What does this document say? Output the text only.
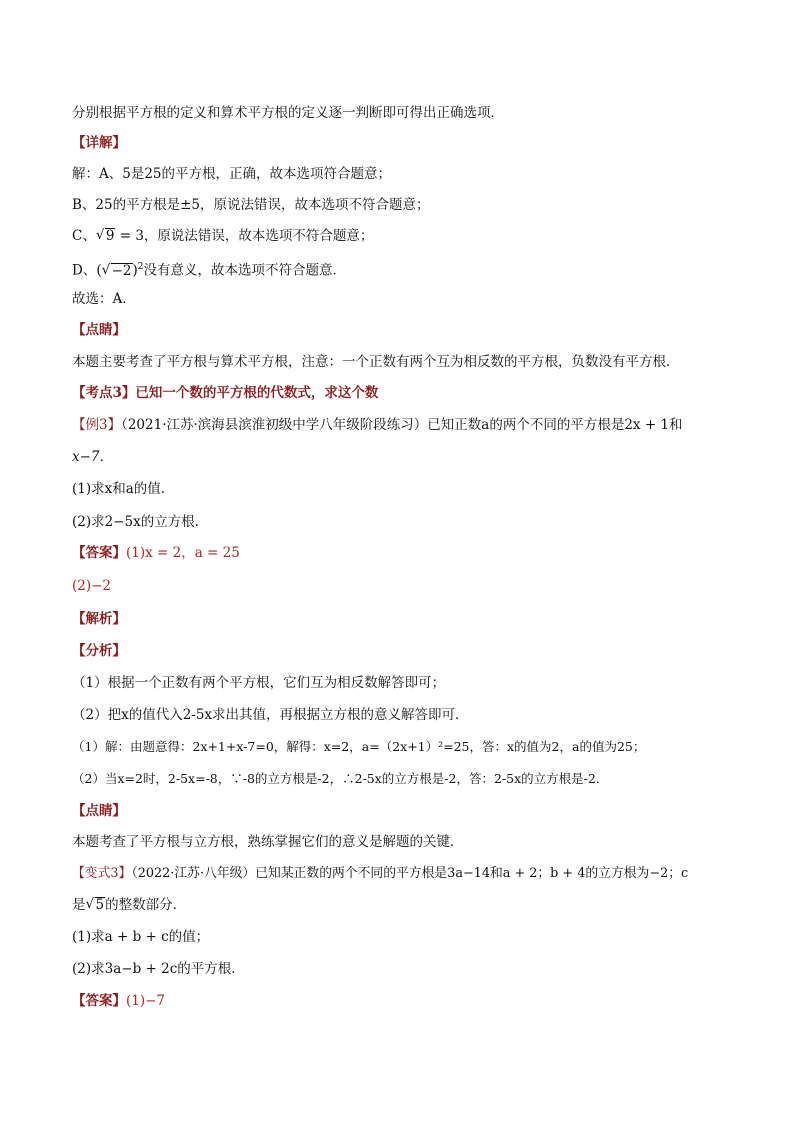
分别根据平方根的定义和算术平方根的定义逐一判断即可得出正确选项．
【详解】
解：A、5是25的平方根，正确，故本选项符合题意；
B、25的平方根是±5，原说法错误，故本选项不符合题意；
C、 √ 9 = 3，原说法错误，故本选项不符合题意；
D、( √ −2)$^2$没有意义，故本选项不符合题意．
故选：A．
【点睛】
本题主要考查了平方根与算术平方根，注意：一个正数有两个互为相反数的平方根，负数没有平方根．
【考点3】已知一个数的平方根的代数式，求这个数
【例3】（2021·江苏·滨海县滨淮初级中学八年级阶段练习）已知正数a的两个不同的平方根是2x + 1和
x−7．
(1)求x和a的值．
(2)求2−5x的立方根．
【答案】(1)x = 2，a = 25
(2)−2
【解析】
【分析】
（1）根据一个正数有两个平方根，它们互为相反数解答即可；
（2）把x的值代入2-5x求出其值，再根据立方根的意义解答即可．
（1）解：由题意得：2x+1+x-7=0，解得：x=2，a=（2x+1）²=25，答：x的值为2，a的值为25；
（2）当x=2时，2-5x=-8，∵-8的立方根是-2，∴2-5x的立方根是-2，答：2-5x的立方根是-2．
【点睛】
本题考查了平方根与立方根，熟练掌握它们的意义是解题的关键．
【变式3】（2022·江苏·八年级）已知某正数的两个不同的平方根是3a−14和a + 2；b + 4的立方根为−2；c
是 √ 5的整数部分．
(1)求a + b + c的值；
(2)求3a−b + 2c的平方根．
【答案】(1)−7
